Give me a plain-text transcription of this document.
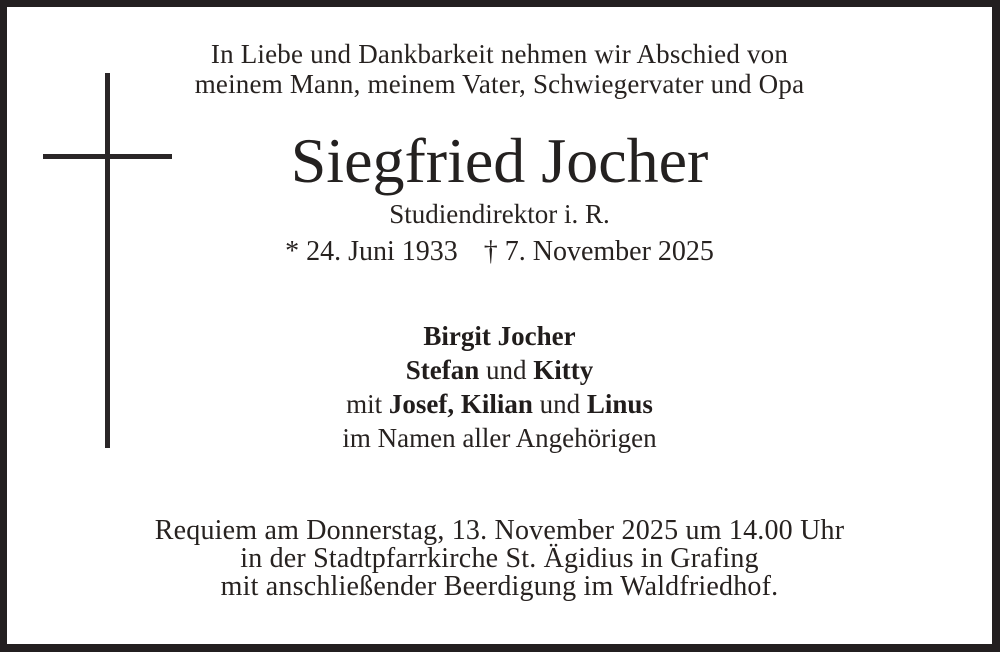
In Liebe und Dankbarkeit nehmen wir Abschied von
meinem Mann, meinem Vater, Schwiegervater und Opa
Siegfried Jocher
Studiendirektor i. R.
* 24. Juni 1933 † 7. November 2025
Birgit Jocher
Stefan und Kitty
mit Josef, Kilian und Linus
im Namen aller Angehörigen
Requiem am Donnerstag, 13. November 2025 um 14.00 Uhr
in der Stadtpfarrkirche St. Ägidius in Grafing
mit anschließender Beerdigung im Waldfriedhof.
